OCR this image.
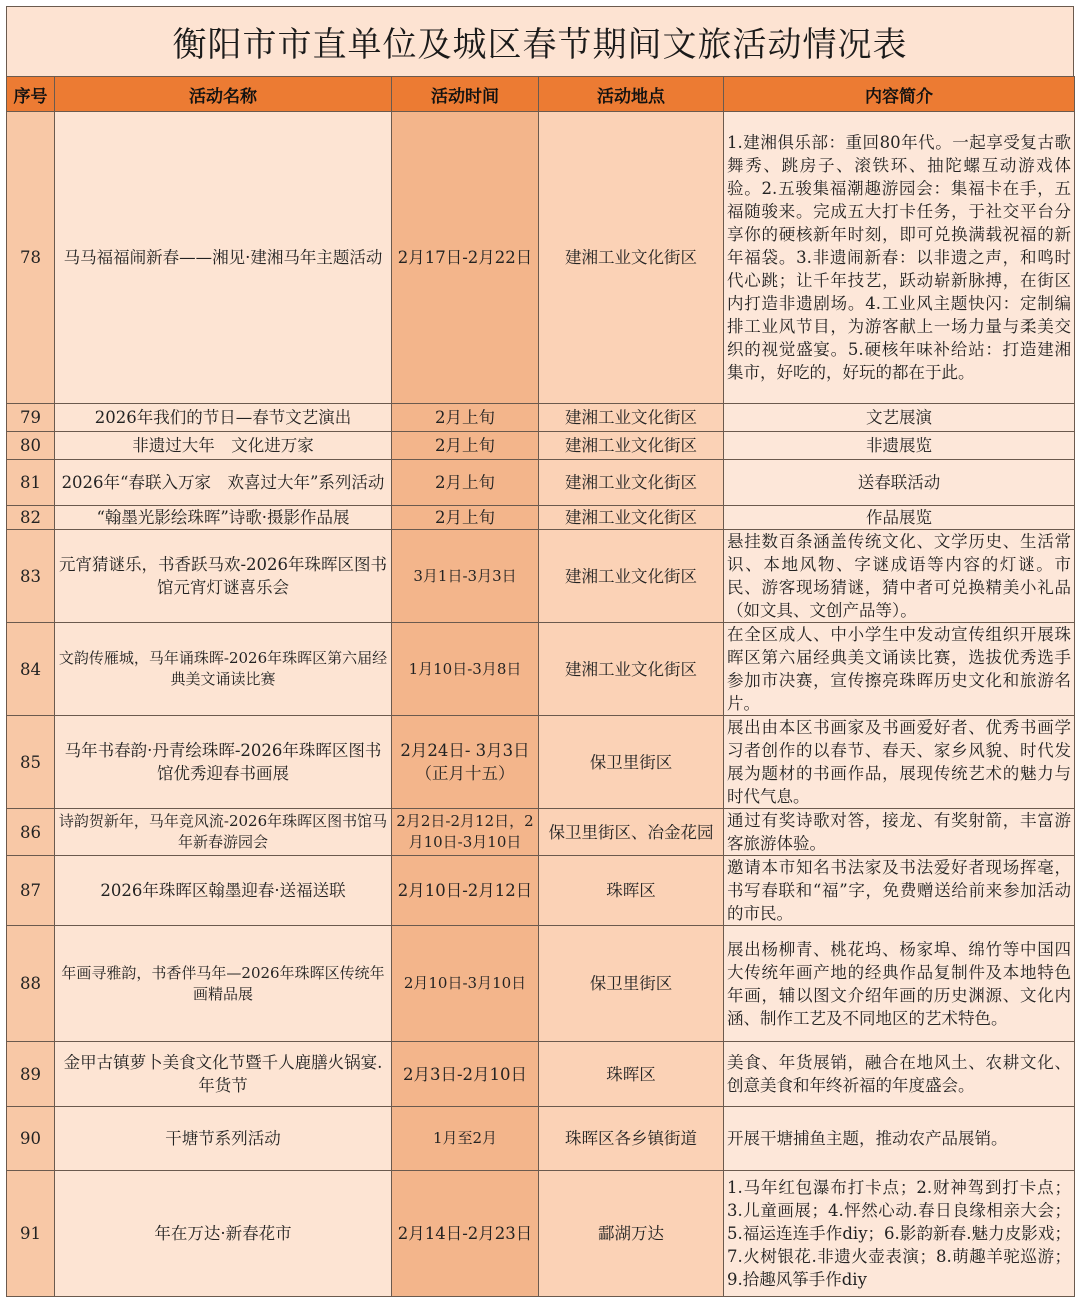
衡阳市市直单位及城区春节期间文旅活动情况表
序号	活动名称	活动时间	活动地点	内容简介
78	马马福福闹新春——湘见·建湘马年主题活动	2月17日-2月22日	建湘工业文化街区	1.建湘俱乐部：重回80年代。一起享受复古歌舞秀、跳房子、滚铁环、抽陀螺互动游戏体验。2.五骏集福潮趣游园会：集福卡在手，五福随骏来。完成五大打卡任务，于社交平台分享你的硬核新年时刻，即可兑换满载祝福的新年福袋。3.非遗闹新春：以非遗之声，和鸣时代心跳；让千年技艺，跃动崭新脉搏，在街区内打造非遗剧场。4.工业风主题快闪：定制编排工业风节目，为游客献上一场力量与柔美交织的视觉盛宴。5.硬核年味补给站：打造建湘集市，好吃的，好玩的都在于此。
79	2026年我们的节日—春节文艺演出	2月上旬	建湘工业文化街区	文艺展演
80	非遗过大年　文化进万家	2月上旬	建湘工业文化街区	非遗展览
81	2026年“春联入万家　欢喜过大年”系列活动	2月上旬	建湘工业文化街区	送春联活动
82	“翰墨光影绘珠晖”诗歌·摄影作品展	2月上旬	建湘工业文化街区	作品展览
83	元宵猜谜乐，书香跃马欢-2026年珠晖区图书馆元宵灯谜喜乐会	3月1日-3月3日	建湘工业文化街区	悬挂数百条涵盖传统文化、文学历史、生活常识、本地风物、字谜成语等内容的灯谜。市民、游客现场猜谜，猜中者可兑换精美小礼品（如文具、文创产品等）。
84	文韵传雁城，马年诵珠晖-2026年珠晖区第六届经典美文诵读比赛	1月10日-3月8日	建湘工业文化街区	在全区成人、中小学生中发动宣传组织开展珠晖区第六届经典美文诵读比赛，选拔优秀选手参加市决赛，宣传擦亮珠晖历史文化和旅游名片。
85	马年书春韵·丹青绘珠晖-2026年珠晖区图书馆优秀迎春书画展	2月24日- 3月3日（正月十五）	保卫里街区	展出由本区书画家及书画爱好者、优秀书画学习者创作的以春节、春天、家乡风貌、时代发展为题材的书画作品，展现传统艺术的魅力与时代气息。
86	诗韵贺新年，马年竞风流-2026年珠晖区图书馆马年新春游园会	2月2日-2月12日，2月10日-3月10日	保卫里街区、冶金花园	通过有奖诗歌对答，接龙、有奖射箭，丰富游客旅游体验。
87	2026年珠晖区翰墨迎春·送福送联	2月10日-2月12日	珠晖区	邀请本市知名书法家及书法爱好者现场挥毫，书写春联和“福”字，免费赠送给前来参加活动的市民。
88	年画寻雅韵，书香伴马年—2026年珠晖区传统年画精品展	2月10日-3月10日	保卫里街区	展出杨柳青、桃花坞、杨家埠、绵竹等中国四大传统年画产地的经典作品复制件及本地特色年画，辅以图文介绍年画的历史渊源、文化内涵、制作工艺及不同地区的艺术特色。
89	金甲古镇萝卜美食文化节暨千人鹿膳火锅宴.年货节	2月3日-2月10日	珠晖区	美食、年货展销，融合在地风土、农耕文化、创意美食和年终祈福的年度盛会。
90	干塘节系列活动	1月至2月	珠晖区各乡镇街道	开展干塘捕鱼主题，推动农产品展销。
91	年在万达·新春花市	2月14日-2月23日	酃湖万达	1.马年红包瀑布打卡点；2.财神驾到打卡点；3.儿童画展；4.怦然心动.春日良缘相亲大会；5.福运连连手作diy；6.影韵新春.魅力皮影戏；7.火树银花.非遗火壶表演；8.萌趣羊驼巡游；9.拾趣风筝手作diy
